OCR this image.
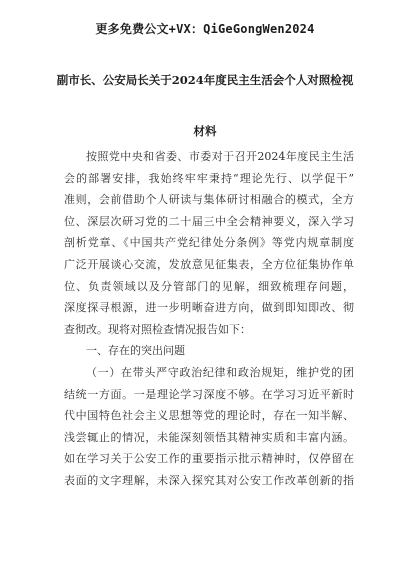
更多免费公文+VX：QiGeGongWen2024
副市长、公安局长关于2024年度民主生活会个人对照检视
材料
按照党中央和省委、市委对于召开2024年度民主生活
会的部署安排，我始终牢牢秉持“理论先行、以学促干”
准则，会前借助个人研读与集体研讨相融合的模式，全方
位、深层次研习党的二十届三中全会精神要义，深入学习
剖析党章、《中国共产党纪律处分条例》等党内规章制度
广泛开展谈心交流，发放意见征集表，全方位征集协作单
位、负责领域以及分管部门的见解，细致梳理存问题，
深度探寻根源，进一步明晰奋进方向，做到即知即改、彻
查彻改。现将对照检查情况报告如下：
一、存在的突出问题
（一）在带头严守政治纪律和政治规矩，维护党的团
结统一方面。一是理论学习深度不够。在学习习近平新时
代中国特色社会主义思想等党的理论时，存在一知半解、
浅尝辄止的情况，未能深刻领悟其精神实质和丰富内涵。
如在学习关于公安工作的重要指示批示精神时，仅停留在
表面的文字理解，未深入探究其对公安工作改革创新的指
